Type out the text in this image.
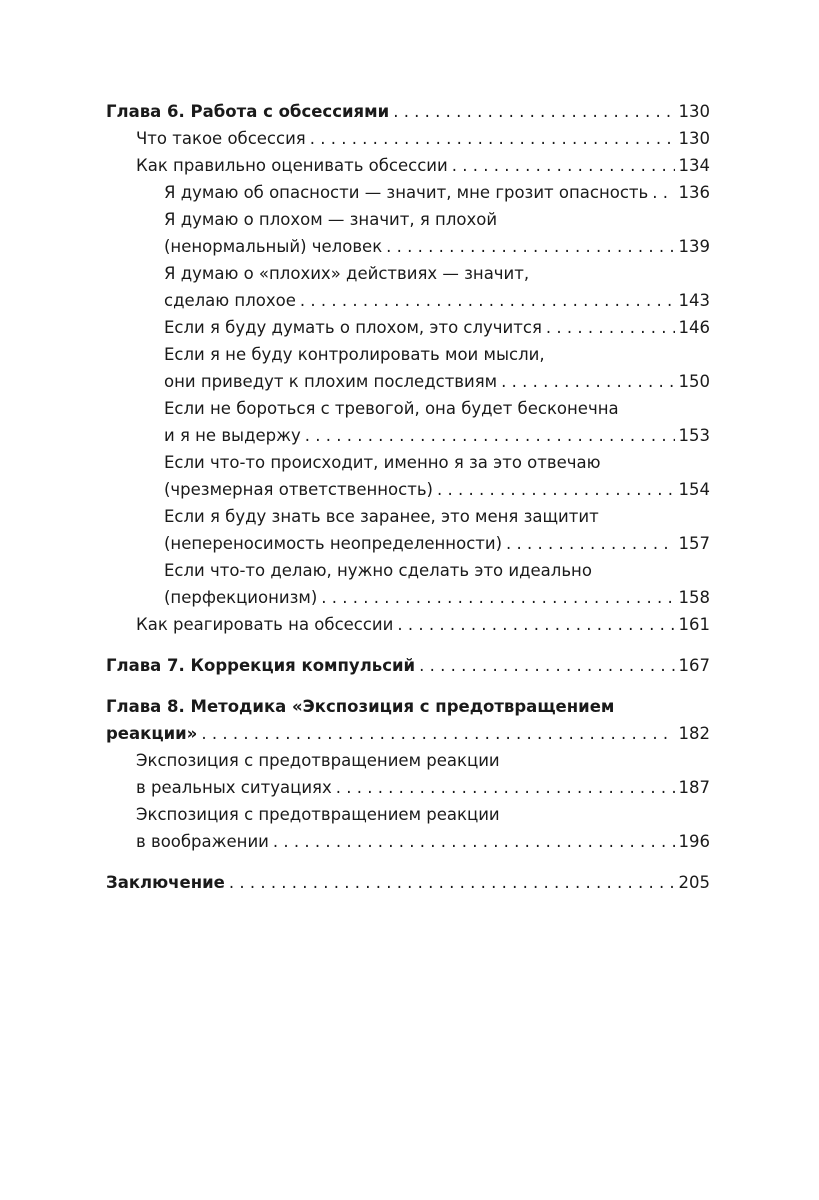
Глава 6. Работа с обсессиями . . .	130
Что такое обсессия . . .	130
Как правильно оценивать обсессии . . .	134
Я думаю об опасности — значит, мне грозит опасность . . . 136
Я думаю о плохом — значит, я плохой
(ненормальный) человек . . .	139
Я думаю о «плохих» действиях — значит,
сделаю плохое . . .	143
Если я буду думать о плохом, это случится . . .	146
Если я не буду контролировать мои мысли,
они приведут к плохим последствиям . . .	150
Если не бороться с тревогой, она будет бесконечна
и я не выдержу . . .	153
Если что-то происходит, именно я за это отвечаю
(чрезмерная ответственность) . . .	154
Если я буду знать все заранее, это меня защитит
(непереносимость неопределенности) . . .	157
Если что-то делаю, нужно сделать это идеально
(перфекционизм) . . .	158
Как реагировать на обсессии . . .	161
Глава 7. Коррекция компульсий . . .	167
Глава 8. Методика «Экспозиция с предотвращением
реакции» . . .	182
Экспозиция с предотвращением реакции
в реальных ситуациях . . .	187
Экспозиция с предотвращением реакции
в воображении . . .	196
Заключение . . .	205
